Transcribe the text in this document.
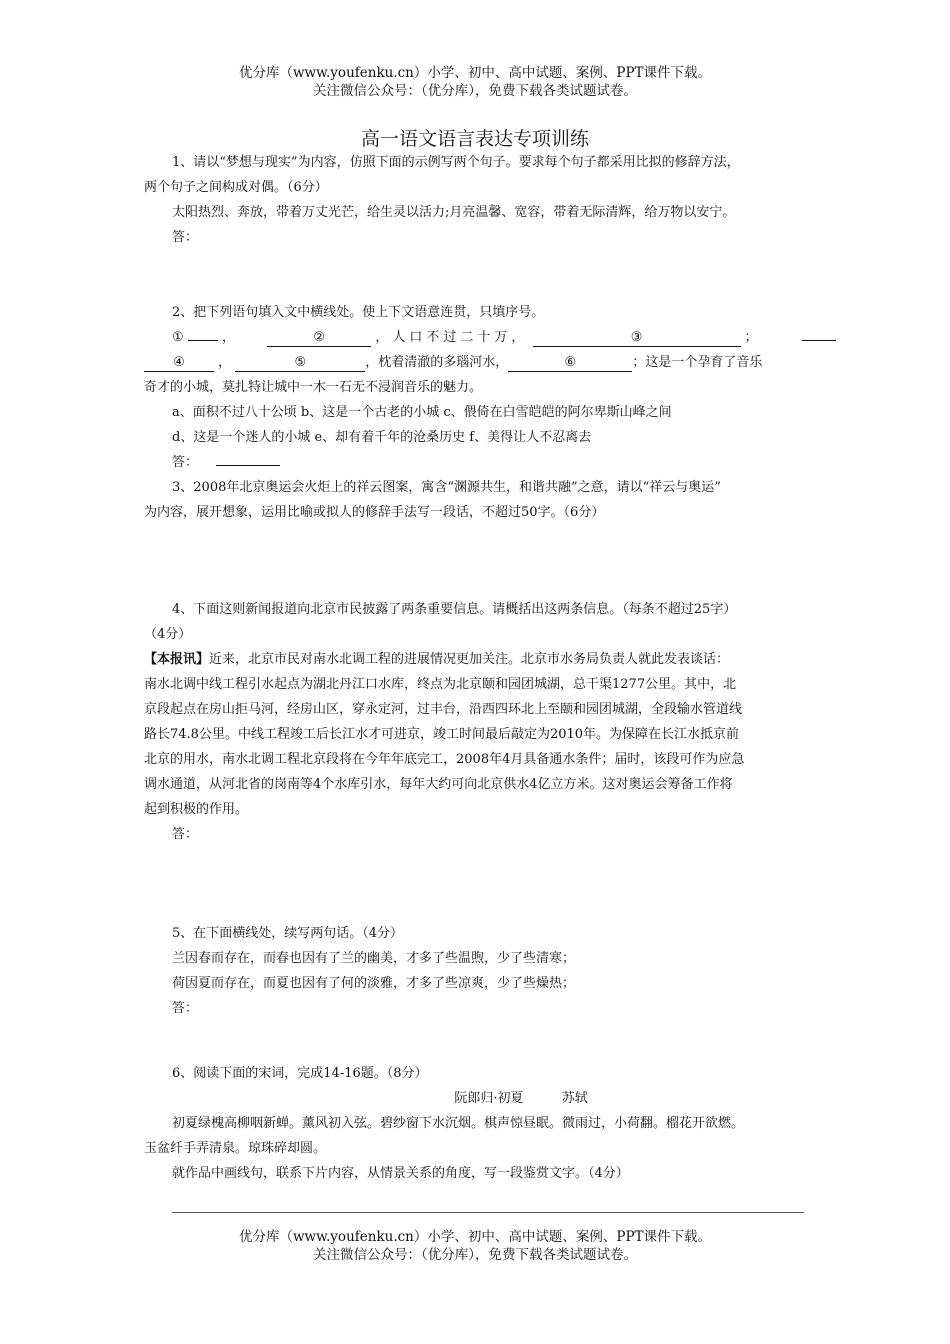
优分库（www.youfenku.cn）小学、初中、高中试题、案例、PPT课件下载。
关注微信公众号：（优分库），免费下载各类试题试卷。
高一语文语言表达专项训练
1、请以“梦想与现实”为内容，仿照下面的示例写两个句子。要求每个句子都采用比拟的修辞方法，
两个句子之间构成对偶。（6分）
太阳热烈、奔放，带着万丈光芒，给生灵以活力;月亮温馨、宽容，带着无际清辉，给万物以安宁。
答：
2、把下列语句填入文中横线处。使上下文语意连贯，只填序号。
①	，	②	，人口不过二十万，	③	；
④	，	⑤	，枕着清澈的多瑙河水，	⑥	；这是一个孕育了音乐
奇才的小城，莫扎特让城中一木一石无不浸润音乐的魅力。
a、面积不过八十公顷 b、这是一个古老的小城 c、偎倚在白雪皑皑的阿尔卑斯山峰之间
d、这是一个迷人的小城 e、却有着千年的沧桑历史 f、美得让人不忍离去
答：
3、2008年北京奥运会火炬上的祥云图案，寓含“渊源共生，和谐共融”之意，请以“祥云与奥运”
为内容，展开想象，运用比喻或拟人的修辞手法写一段话，不超过50字。（6分）
4、下面这则新闻报道向北京市民披露了两条重要信息。请概括出这两条信息。（每条不超过25字）
（4分）
【本报讯】近来，北京市民对南水北调工程的进展情况更加关注。北京市水务局负责人就此发表谈话：
南水北调中线工程引水起点为湖北丹江口水库，终点为北京颐和园团城湖，总干渠1277公里。其中，北
京段起点在房山拒马河，经房山区，穿永定河，过丰台，沿西四环北上至颐和园团城湖，全段输水管道线
路长74.8公里。中线工程竣工后长江水才可进京，竣工时间最后敲定为2010年。为保障在长江水抵京前
北京的用水，南水北调工程北京段将在今年年底完工，2008年4月具备通水条件；届时，该段可作为应急
调水通道，从河北省的岗南等4个水库引水，每年大约可向北京供水4亿立方米。这对奥运会筹备工作将
起到积极的作用。
答：
5、在下面横线处，续写两句话。（4分）
兰因春而存在，而春也因有了兰的幽美，才多了些温煦，少了些清寒；
荷因夏而存在，而夏也因有了何的淡雅，才多了些凉爽，少了些燥热；
答：
6、阅读下面的宋词，完成14-16题。（8分）
阮郎归·初夏	苏轼
初夏绿槐高柳咽新蝉。薰风初入弦。碧纱窗下水沉烟。棋声惊昼眠。微雨过，小荷翻。榴花开欲燃。
玉盆纤手弄清泉。琼珠碎却圆。
就作品中画线句，联系下片内容，从情景关系的角度，写一段鉴赏文字。（4分）
优分库（www.youfenku.cn）小学、初中、高中试题、案例、PPT课件下载。
关注微信公众号：（优分库），免费下载各类试题试卷。
